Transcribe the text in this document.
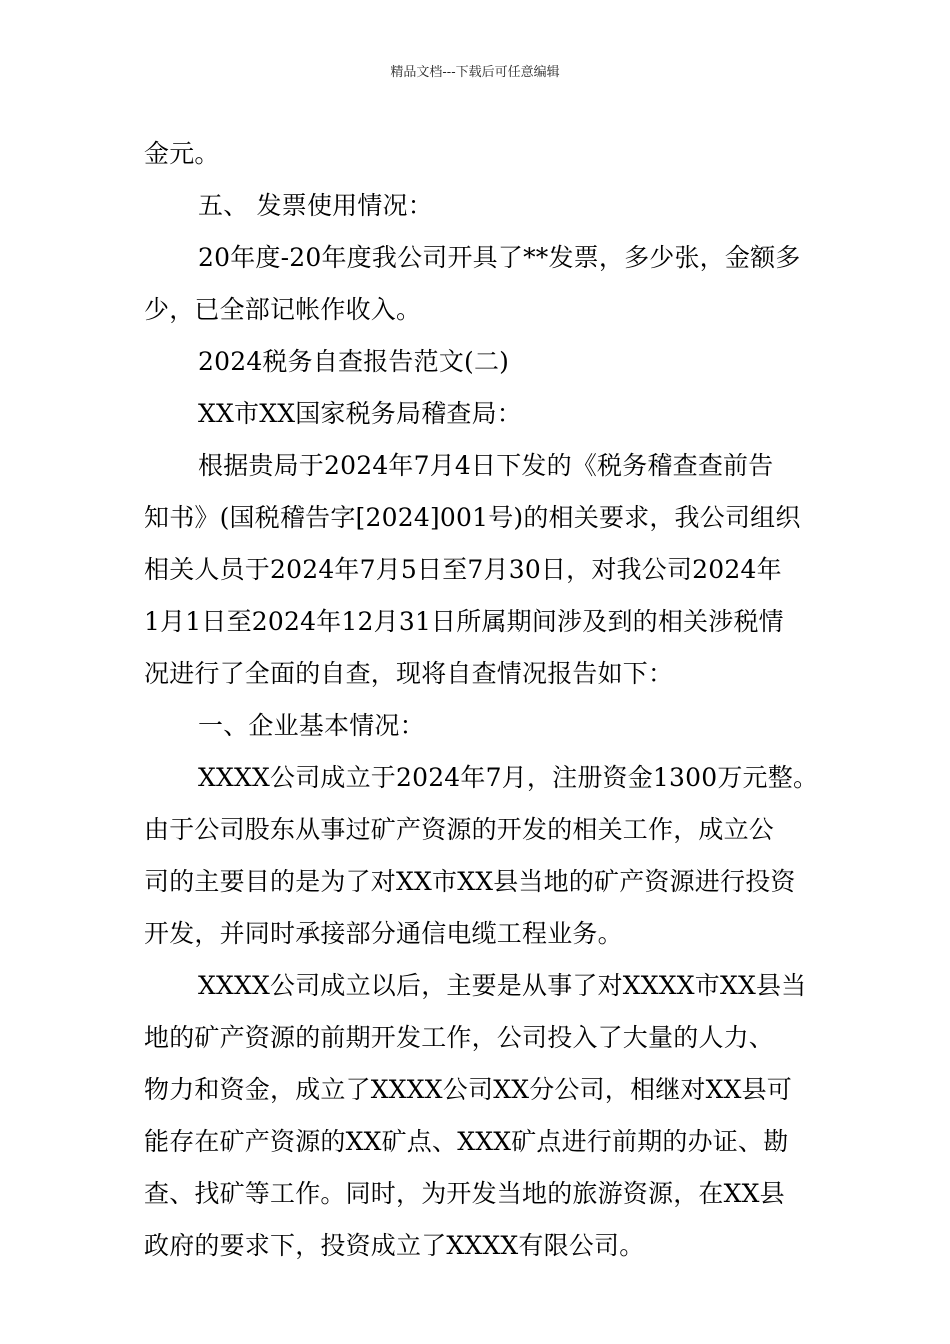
精品文档---下载后可任意编辑
金元。
五、 发票使用情况：
20年度-20年度我公司开具了**发票，多少张，金额多
少，已全部记帐作收入。
2024税务自查报告范文(二)
XX市XX国家税务局稽查局：
根据贵局于2024年7月4日下发的《税务稽查查前告
知书》(国税稽告字[2024]001号)的相关要求，我公司组织
相关人员于2024年7月5日至7月30日，对我公司2024年
1月1日至2024年12月31日所属期间涉及到的相关涉税情
况进行了全面的自查，现将自查情况报告如下：
一、企业基本情况：
XXXX公司成立于2024年7月，注册资金1300万元整。
由于公司股东从事过矿产资源的开发的相关工作，成立公
司的主要目的是为了对XX市XX县当地的矿产资源进行投资
开发，并同时承接部分通信电缆工程业务。
XXXX公司成立以后，主要是从事了对XXXX市XX县当
地的矿产资源的前期开发工作，公司投入了大量的人力、
物力和资金，成立了XXXX公司XX分公司，相继对XX县可
能存在矿产资源的XX矿点、XXX矿点进行前期的办证、勘
查、找矿等工作。同时，为开发当地的旅游资源，在XX县
政府的要求下，投资成立了XXXX有限公司。
